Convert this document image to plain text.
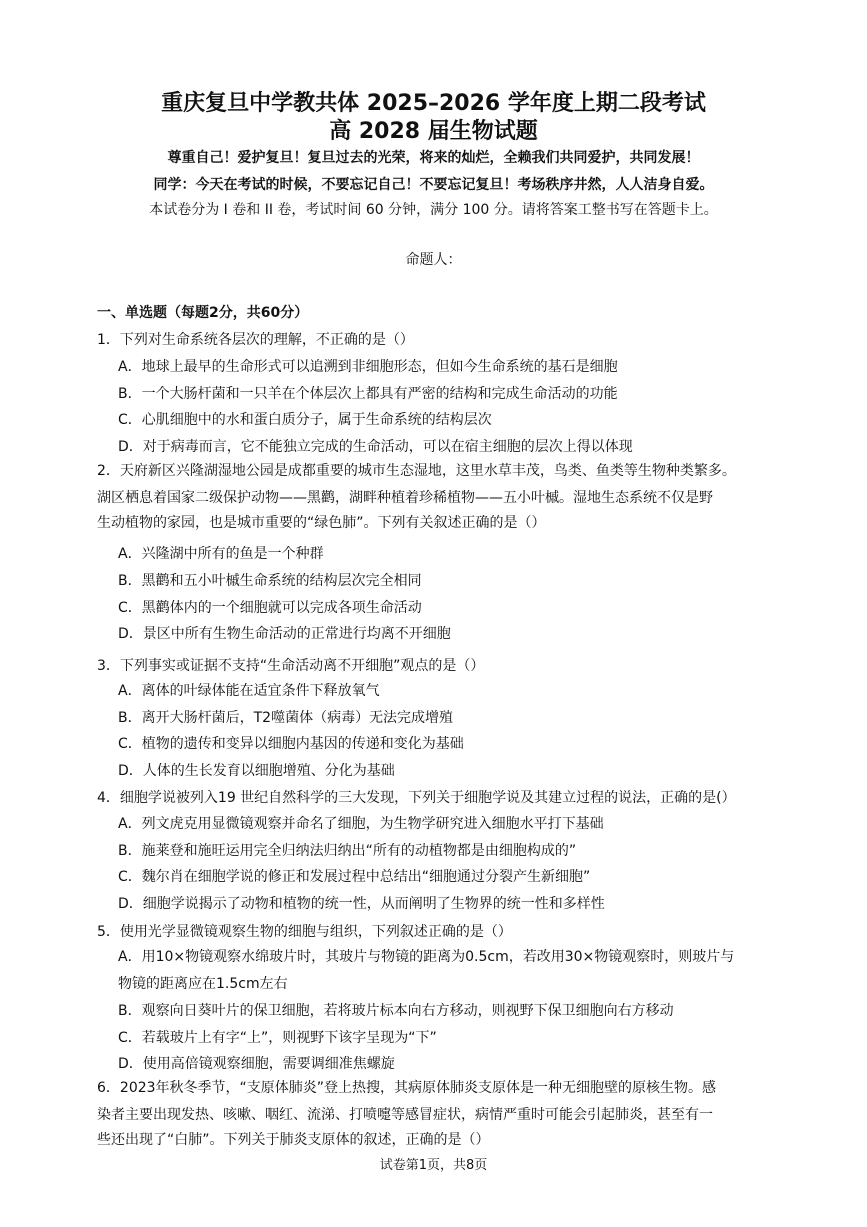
重庆复旦中学教共体 2025–2026 学年度上期二段考试
高 2028 届生物试题
尊重自己！爱护复旦！复旦过去的光荣，将来的灿烂，全赖我们共同爱护，共同发展！
同学：今天在考试的时候，不要忘记自己！不要忘记复旦！考场秩序井然，人人洁身自爱。
本试卷分为 I 卷和 II 卷，考试时间 60 分钟，满分 100 分。请将答案工整书写在答题卡上。
命题人：
一、单选题（每题2分，共60分）
1．下列对生命系统各层次的理解，不正确的是（）
A．地球上最早的生命形式可以追溯到非细胞形态，但如今生命系统的基石是细胞
B．一个大肠杆菌和一只羊在个体层次上都具有严密的结构和完成生命活动的功能
C．心肌细胞中的水和蛋白质分子，属于生命系统的结构层次
D．对于病毒而言，它不能独立完成的生命活动，可以在宿主细胞的层次上得以体现
2．天府新区兴隆湖湿地公园是成都重要的城市生态湿地，这里水草丰茂，鸟类、鱼类等生物种类繁多。
湖区栖息着国家二级保护动物——黑鹳，湖畔种植着珍稀植物——五小叶槭。湿地生态系统不仅是野
生动植物的家园，也是城市重要的“绿色肺”。下列有关叙述正确的是（）
A．兴隆湖中所有的鱼是一个种群
B．黑鹳和五小叶槭生命系统的结构层次完全相同
C．黑鹳体内的一个细胞就可以完成各项生命活动
D．景区中所有生物生命活动的正常进行均离不开细胞
3．下列事实或证据不支持“生命活动离不开细胞”观点的是（）
A．离体的叶绿体能在适宜条件下释放氧气
B．离开大肠杆菌后，T2噬菌体（病毒）无法完成增殖
C．植物的遗传和变异以细胞内基因的传递和变化为基础
D．人体的生长发育以细胞增殖、分化为基础
4．细胞学说被列入19 世纪自然科学的三大发现，下列关于细胞学说及其建立过程的说法，正确的是(）
A．列文虎克用显微镜观察并命名了细胞，为生物学研究进入细胞水平打下基础
B．施莱登和施旺运用完全归纳法归纳出“所有的动植物都是由细胞构成的”
C．魏尔肖在细胞学说的修正和发展过程中总结出“细胞通过分裂产生新细胞”
D．细胞学说揭示了动物和植物的统一性，从而阐明了生物界的统一性和多样性
5．使用光学显微镜观察生物的细胞与组织，下列叙述正确的是（）
A．用10×物镜观察水绵玻片时，其玻片与物镜的距离为0.5cm，若改用30×物镜观察时，则玻片与
物镜的距离应在1.5cm左右
B．观察向日葵叶片的保卫细胞，若将玻片标本向右方移动，则视野下保卫细胞向右方移动
C．若载玻片上有字“上”，则视野下该字呈现为“下”
D．使用高倍镜观察细胞，需要调细准焦螺旋
6．2023年秋冬季节，“支原体肺炎”登上热搜，其病原体肺炎支原体是一种无细胞壁的原核生物。感
染者主要出现发热、咳嗽、咽红、流涕、打喷嚏等感冒症状，病情严重时可能会引起肺炎，甚至有一
些还出现了“白肺”。下列关于肺炎支原体的叙述，正确的是（）
试卷第1页，共8页
